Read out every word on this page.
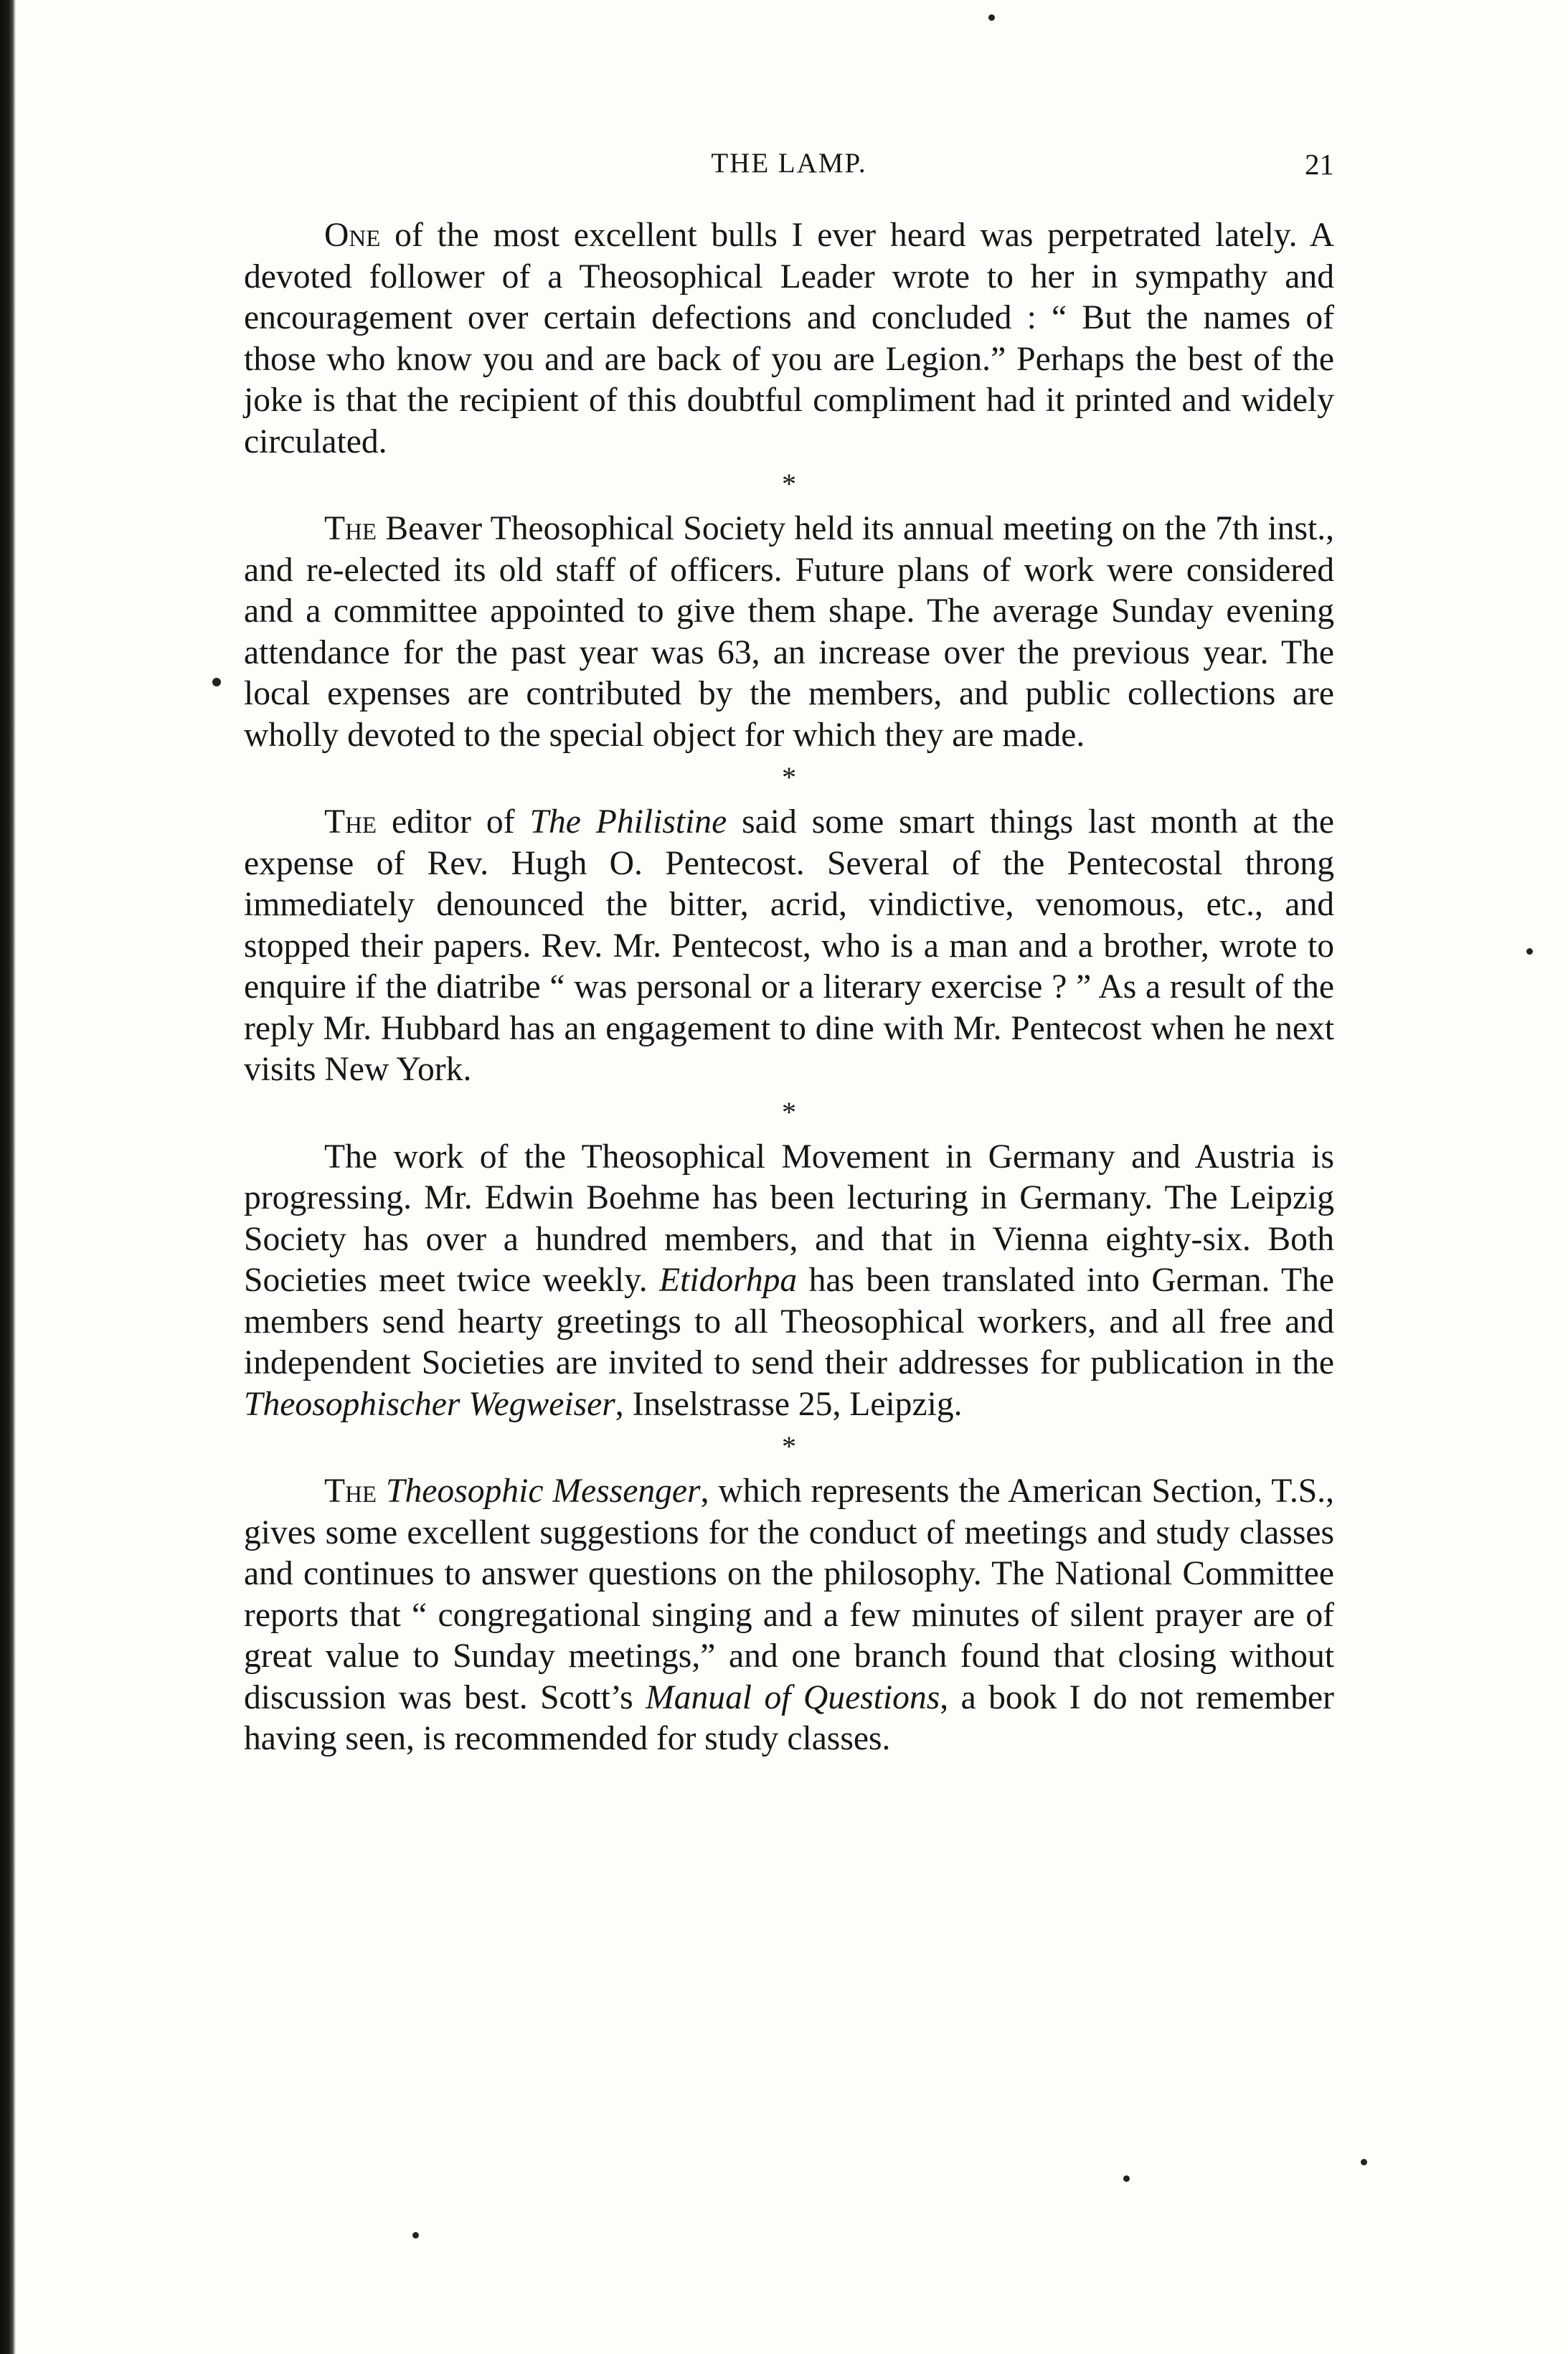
THE LAMP.	21

One of the most excellent bulls I ever heard was perpetrated lately. A devoted follower of a Theosophical Leader wrote to her in sympathy and encouragement over certain defections and concluded : “ But the names of those who know you and are back of you are Legion.” Perhaps the best of the joke is that the recipient of this doubtful compliment had it printed and widely circulated.

*

The Beaver Theosophical Society held its annual meeting on the 7th inst., and re-elected its old staff of officers. Future plans of work were considered and a committee appointed to give them shape. The average Sunday evening attendance for the past year was 63, an increase over the previous year. The local expenses are contributed by the members, and public collections are wholly devoted to the special object for which they are made.

*

The editor of The Philistine said some smart things last month at the expense of Rev. Hugh O. Pentecost. Several of the Pentecostal throng immediately denounced the bitter, acrid, vindictive, venomous, etc., and stopped their papers. Rev. Mr. Pentecost, who is a man and a brother, wrote to enquire if the diatribe “ was personal or a literary exercise ? ” As a result of the reply Mr. Hubbard has an engagement to dine with Mr. Pentecost when he next visits New York.

*

The work of the Theosophical Movement in Germany and Austria is progressing. Mr. Edwin Boehme has been lecturing in Germany. The Leipzig Society has over a hundred members, and that in Vienna eighty-six. Both Societies meet twice weekly. Etidorhpa has been translated into German. The members send hearty greetings to all Theosophical workers, and all free and independent Societies are invited to send their addresses for publication in the Theosophischer Wegweiser, Inselstrasse 25, Leipzig.

*

The Theosophic Messenger, which represents the American Section, T.S., gives some excellent suggestions for the conduct of meetings and study classes and continues to answer questions on the philosophy. The National Committee reports that “ congregational singing and a few minutes of silent prayer are of great value to Sunday meetings,” and one branch found that closing without discussion was best. Scott’s Manual of Questions, a book I do not remember having seen, is recommended for study classes.
